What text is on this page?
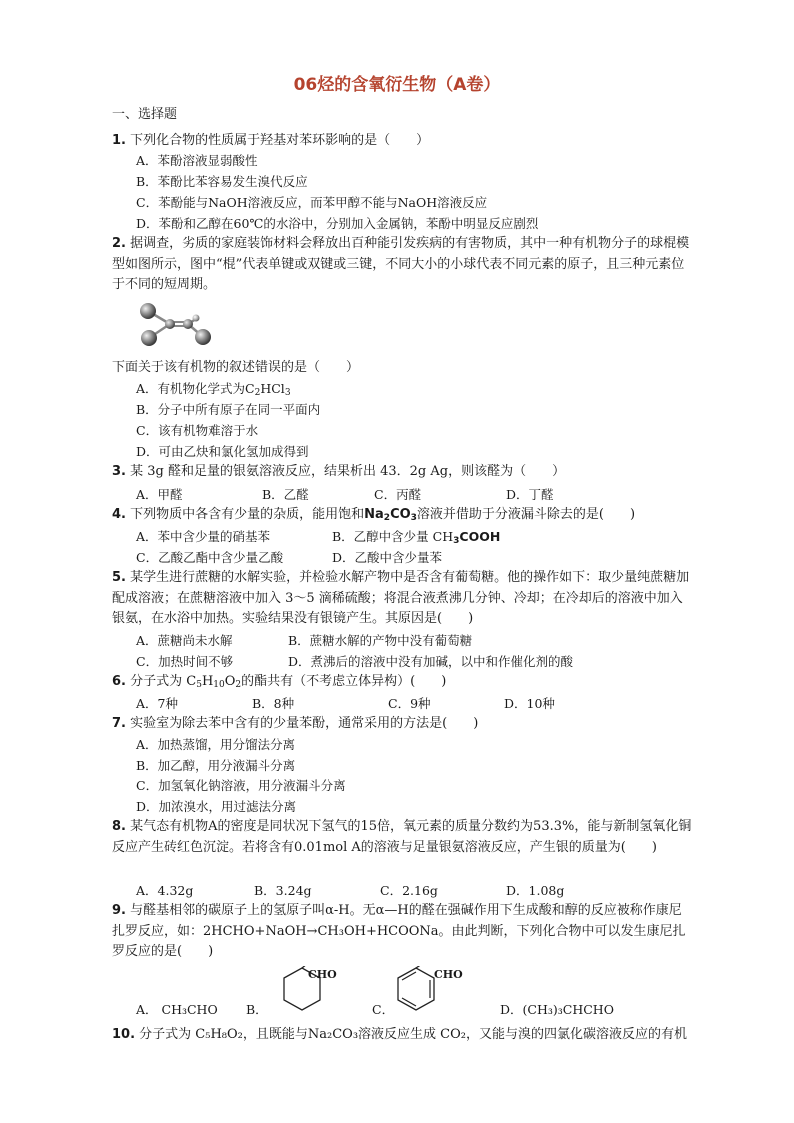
06烃的含氧衍生物（A卷）
一、选择题
1. 下列化合物的性质属于羟基对苯环影响的是（　　）
A．苯酚溶液显弱酸性
B．苯酚比苯容易发生溴代反应
C．苯酚能与NaOH溶液反应，而苯甲醇不能与NaOH溶液反应
D．苯酚和乙醇在60℃的水浴中，分别加入金属钠，苯酚中明显反应剧烈
2. 据调查，劣质的家庭装饰材料会释放出百种能引发疾病的有害物质，其中一种有机物分子的球棍模型如图所示，图中“棍”代表单键或双键或三键，不同大小的小球代表不同元素的原子，且三种元素位于不同的短周期。
下面关于该有机物的叙述错误的是（　　）
A．有机物化学式为$C_2HCl_3$
B．分子中所有原子在同一平面内
C．该有机物难溶于水
D．可由乙炔和氯化氢加成得到
3. 某 3g 醛和足量的银氨溶液反应，结果析出 43．2g Ag，则该醛为（　　）
A．甲醛	B．乙醛	C．丙醛	D．丁醛
4. 下列物质中各含有少量的杂质，能用饱和$Na_2CO_3$溶液并借助于分液漏斗除去的是(　　)
A．苯中含少量的硝基苯	B．乙醇中含少量 $CH_3COOH$
C．乙酸乙酯中含少量乙酸	D．乙酸中含少量苯
5. 某学生进行蔗糖的水解实验，并检验水解产物中是否含有葡萄糖。他的操作如下：取少量纯蔗糖加配成溶液；在蔗糖溶液中加入 3～5 滴稀硫酸；将混合液煮沸几分钟、冷却；在冷却后的溶液中加入银氨，在水浴中加热。实验结果没有银镜产生。其原因是(　　)
A．蔗糖尚未水解	B．蔗糖水解的产物中没有葡萄糖
C．加热时间不够	D．煮沸后的溶液中没有加碱，以中和作催化剂的酸
6. 分子式为 $C_5H_{10}O_2$的酯共有（不考虑立体异构）(　　)
A．7种	B．8种	C．9种	D．10种
7. 实验室为除去苯中含有的少量苯酚，通常采用的方法是(　　)
A．加热蒸馏，用分馏法分离
B．加乙醇，用分液漏斗分离
C．加氢氧化钠溶液，用分液漏斗分离
D．加浓溴水，用过滤法分离
8. 某气态有机物A的密度是同状况下氢气的15倍，氧元素的质量分数约为53.3%，能与新制氢氧化铜反应产生砖红色沉淀。若将含有0.01mol A的溶液与足量银氨溶液反应，产生银的质量为(　　)
A．4.32g	B．3.24g	C．2.16g	D．1.08g
9. 与醛基相邻的碳原子上的氢原子叫α-H。无α—H的醛在强碱作用下生成酸和醇的反应被称作康尼扎罗反应，如：2HCHO+NaOH→CH₃OH+HCOONa。由此判断，下列化合物中可以发生康尼扎罗反应的是(　　)
A． CH₃CHO B．	C．	D．(CH₃)₃CHCHO
CHO	CHO
10. 分子式为 C₅H₈O₂，且既能与Na₂CO₃溶液反应生成 CO₂，又能与溴的四氯化碳溶液反应的有机
